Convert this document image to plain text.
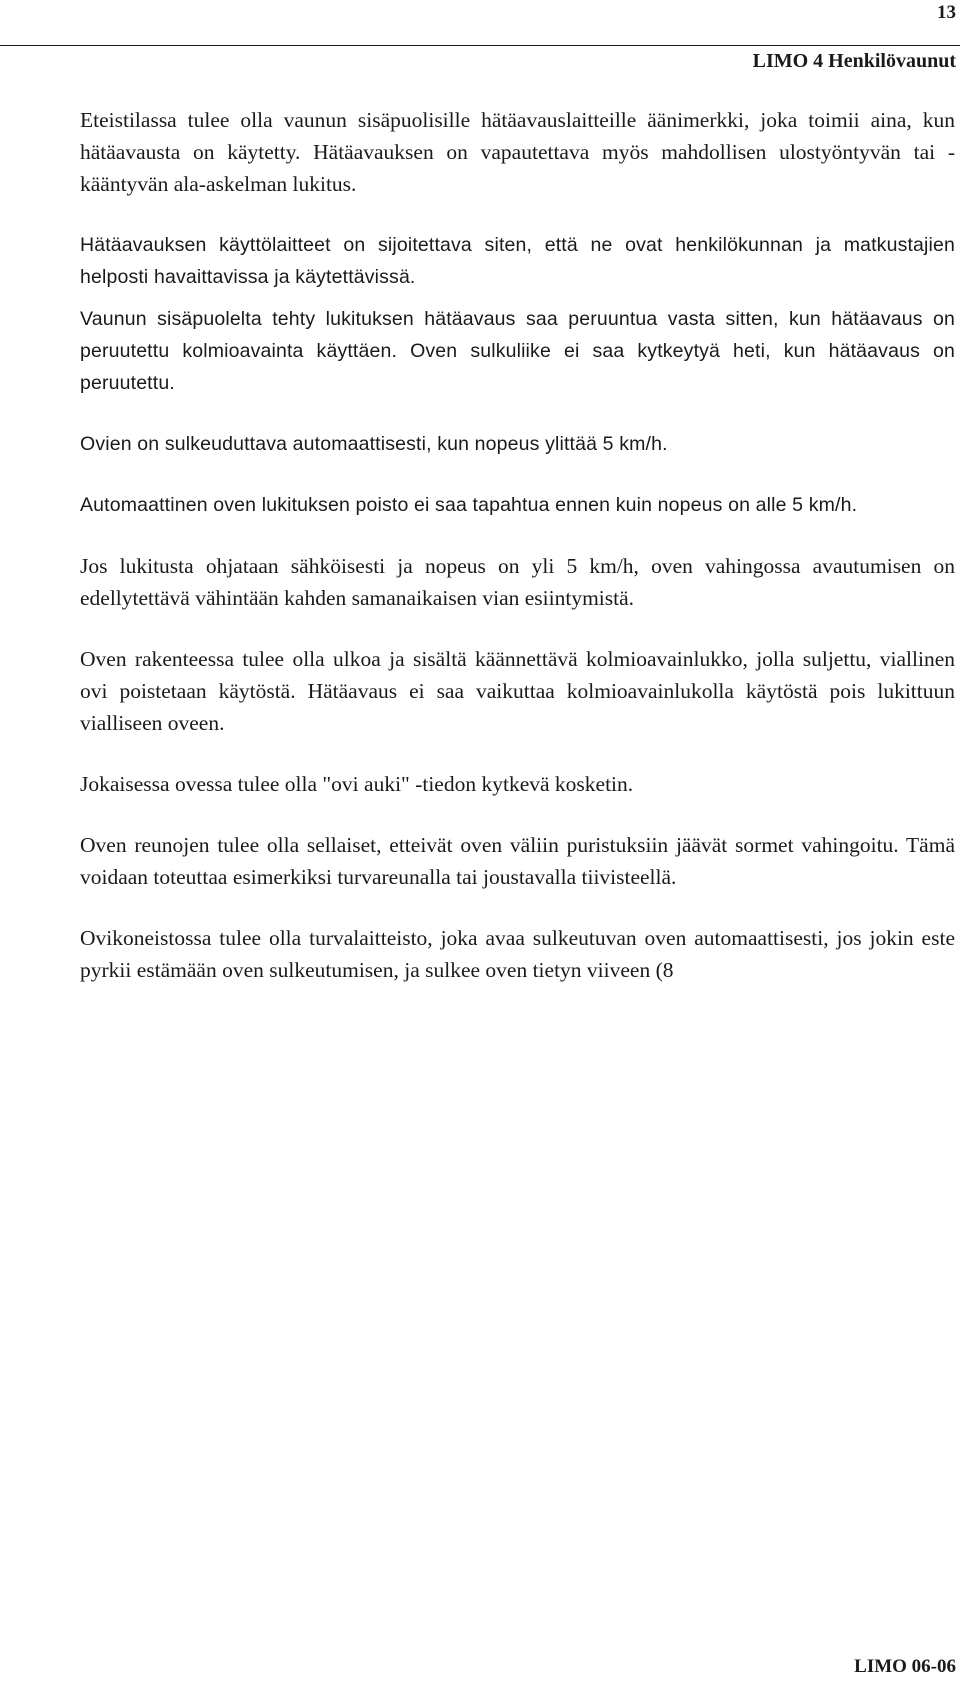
13
LIMO 4 Henkilövaunut

Eteistilassa tulee olla vaunun sisäpuolisille hätäavauslaitteille äänimerkki, joka toimii aina, kun hätäavausta on käytetty. Hätäavauksen on vapautettava myös mahdollisen ulostyöntyvän tai -kääntyvän ala-askelman lukitus.

Hätäavauksen käyttölaitteet on sijoitettava siten, että ne ovat henkilökunnan ja matkustajien helposti havaittavissa ja käytettävissä.

Vaunun sisäpuolelta tehty lukituksen hätäavaus saa peruuntua vasta sitten, kun hätäavaus on peruutettu kolmioavainta käyttäen. Oven sulkuliike ei saa kytkeytyä heti, kun hätäavaus on peruutettu.

Ovien on sulkeuduttava automaattisesti, kun nopeus ylittää 5 km/h.

Automaattinen oven lukituksen poisto ei saa tapahtua ennen kuin nopeus on alle 5 km/h.

Jos lukitusta ohjataan sähköisesti ja nopeus on yli 5 km/h, oven vahingossa avautumisen on edellytettävä vähintään kahden samanaikaisen vian esiintymistä.

Oven rakenteessa tulee olla ulkoa ja sisältä käännettävä kolmioavainlukko, jolla suljettu, viallinen ovi poistetaan käytöstä. Hätäavaus ei saa vaikuttaa kolmioavainlukolla käytöstä pois lukittuun vialliseen oveen.

Jokaisessa ovessa tulee olla "ovi auki" -tiedon kytkevä kosketin.

Oven reunojen tulee olla sellaiset, etteivät oven väliin puristuksiin jäävät sormet vahingoitu. Tämä voidaan toteuttaa esimerkiksi turvareunalla tai joustavalla tiivisteellä.

Ovikoneistossa tulee olla turvalaitteisto, joka avaa sulkeutuvan oven automaattisesti, jos jokin este pyrkii estämään oven sulkeutumisen, ja sulkee oven tietyn viiveen (8

LIMO 06-06
